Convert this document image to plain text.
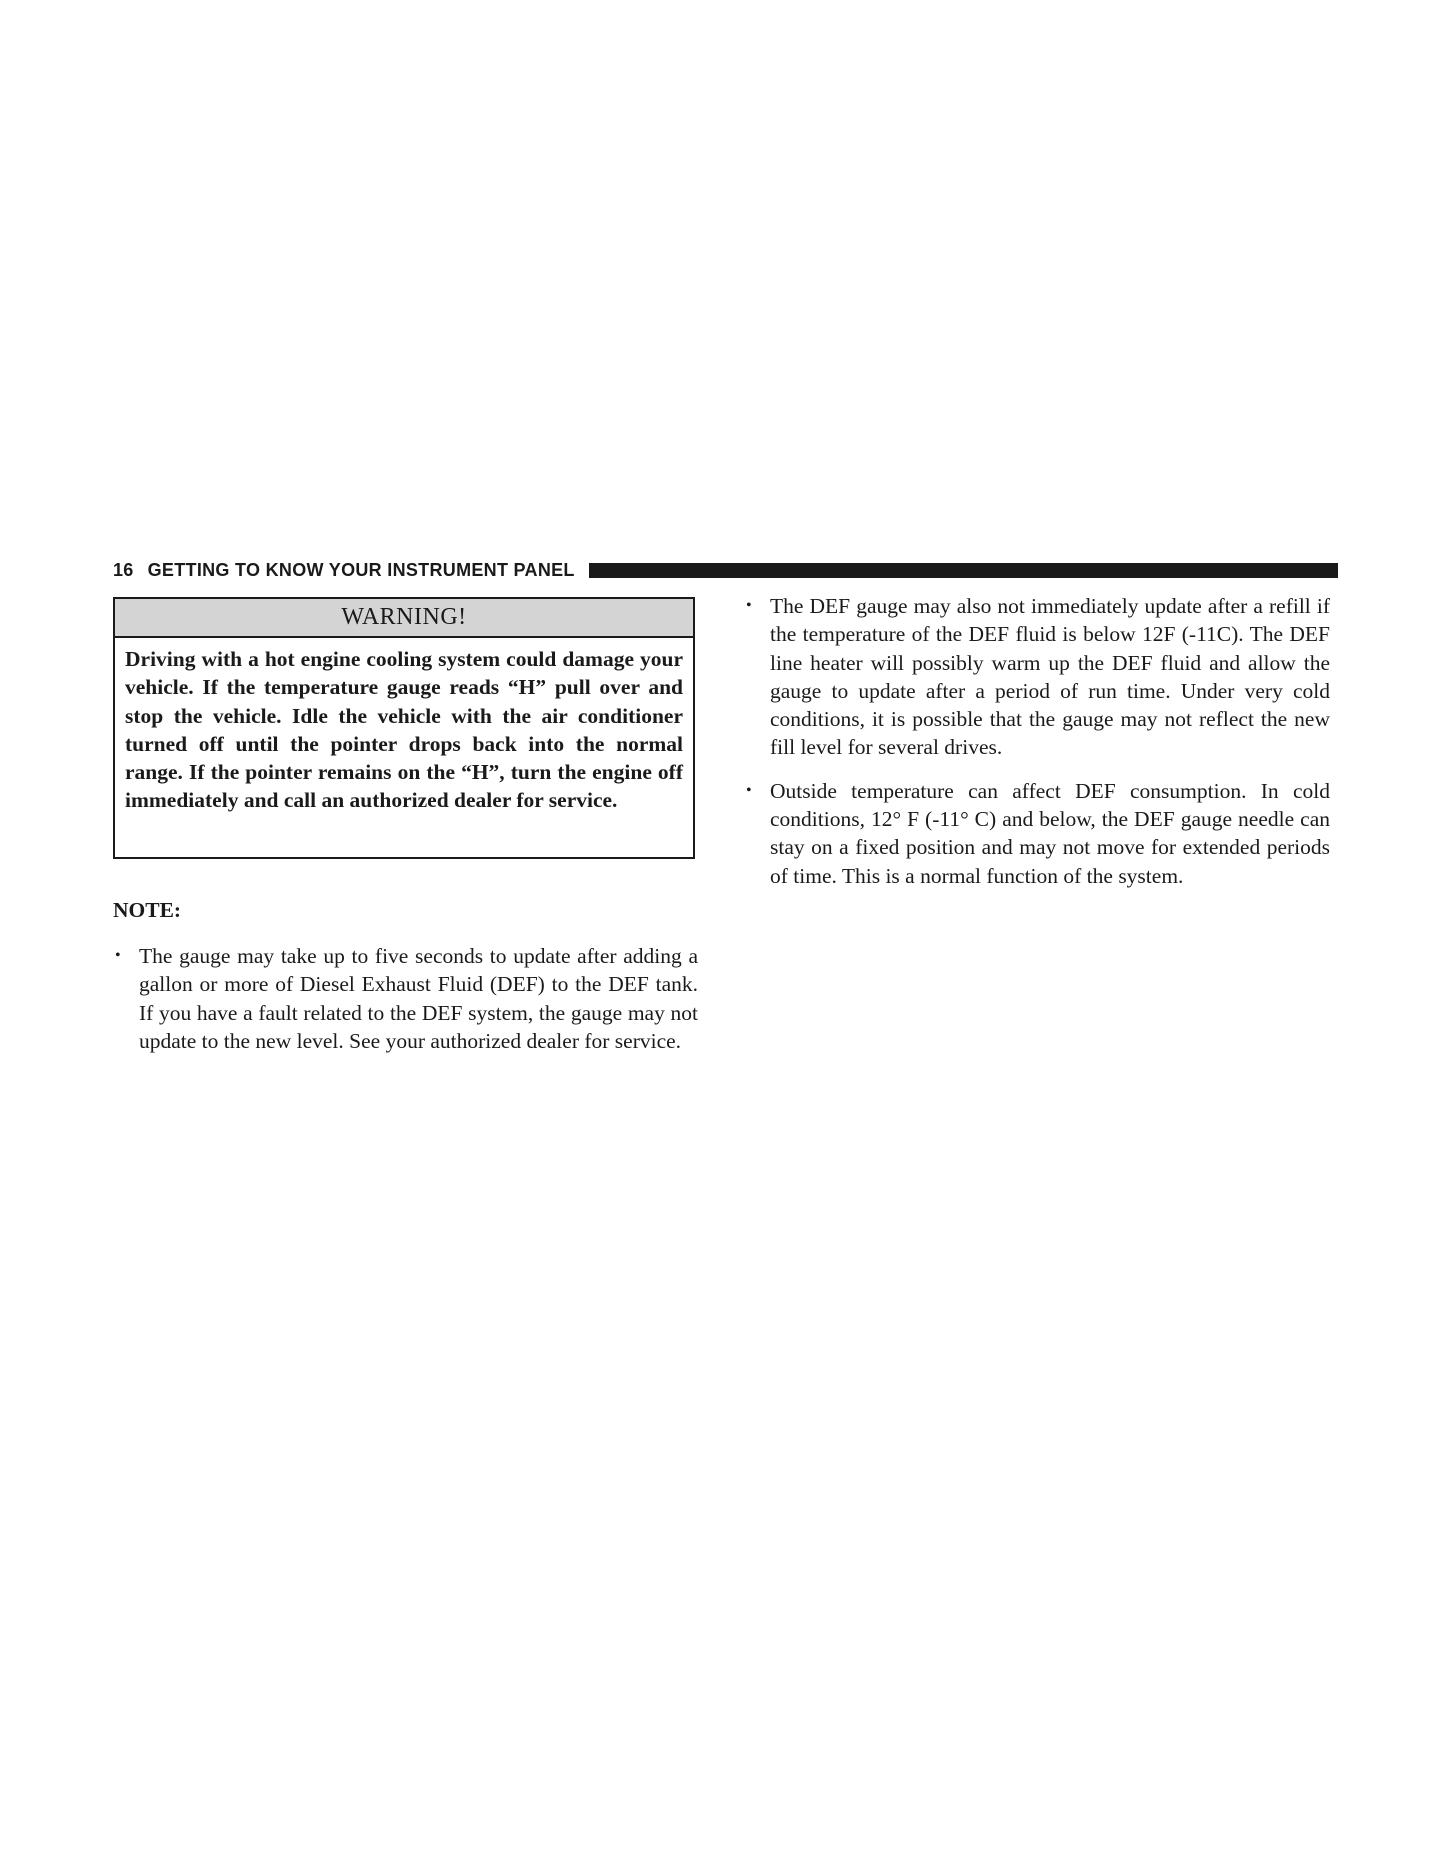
16 GETTING TO KNOW YOUR INSTRUMENT PANEL
WARNING!
Driving with a hot engine cooling system could damage your vehicle. If the temperature gauge reads “H” pull over and stop the vehicle. Idle the vehicle with the air conditioner turned off until the pointer drops back into the normal range. If the pointer remains on the “H”, turn the engine off immediately and call an authorized dealer for service.
NOTE:
• The gauge may take up to five seconds to update after adding a gallon or more of Diesel Exhaust Fluid (DEF) to the DEF tank. If you have a fault related to the DEF system, the gauge may not update to the new level. See your authorized dealer for service.
• The DEF gauge may also not immediately update after a refill if the temperature of the DEF fluid is below 12F (-11C). The DEF line heater will possibly warm up the DEF fluid and allow the gauge to update after a period of run time. Under very cold conditions, it is possible that the gauge may not reflect the new fill level for several drives.
• Outside temperature can affect DEF consumption. In cold conditions, 12° F (-11° C) and below, the DEF gauge needle can stay on a fixed position and may not move for extended periods of time. This is a normal function of the system.
